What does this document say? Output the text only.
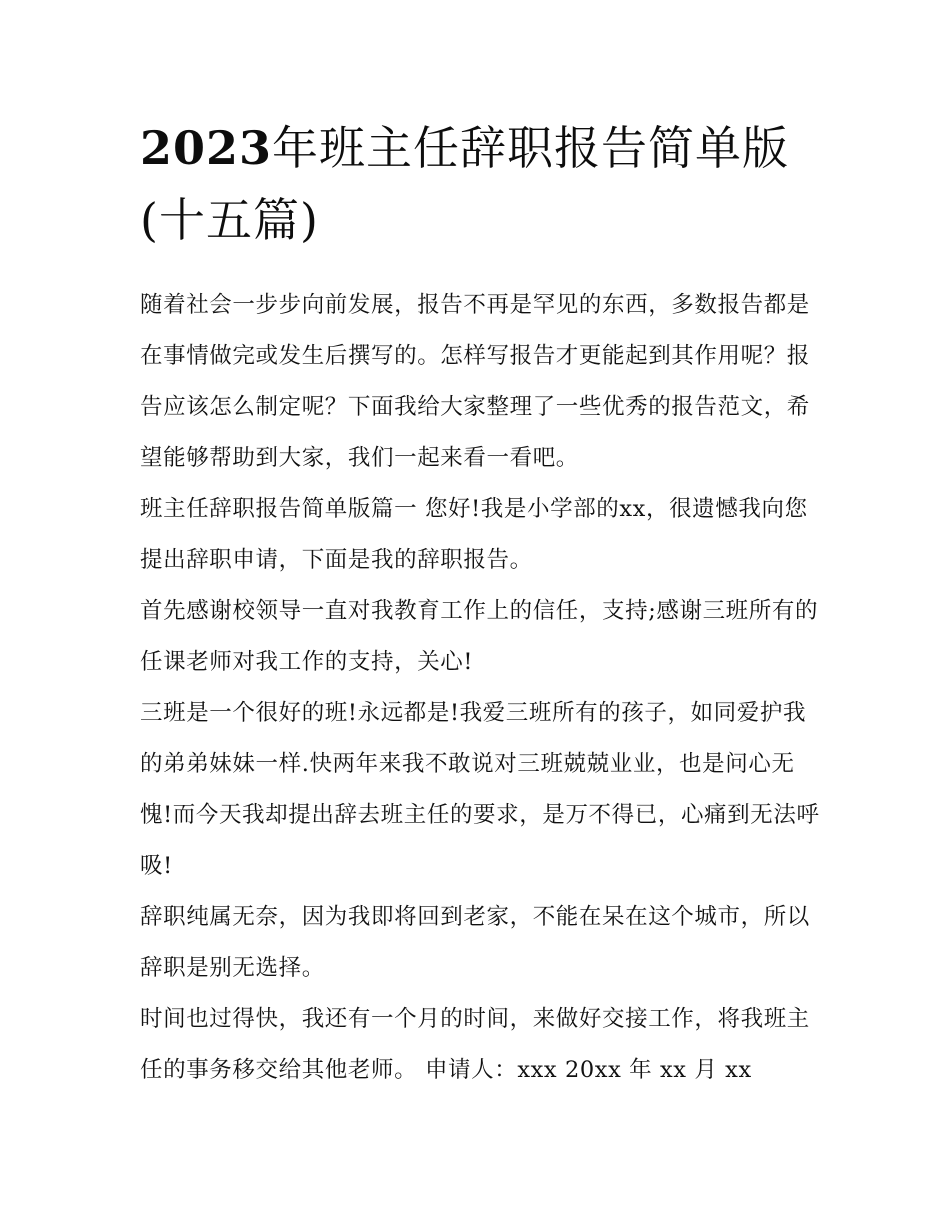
2023年班主任辞职报告简单版(十五篇)

随着社会一步步向前发展，报告不再是罕见的东西，多数报告都是在事情做完或发生后撰写的。怎样写报告才更能起到其作用呢？报告应该怎么制定呢？下面我给大家整理了一些优秀的报告范文，希望能够帮助到大家，我们一起来看一看吧。

班主任辞职报告简单版篇一 您好!我是小学部的xx，很遗憾我向您提出辞职申请，下面是我的辞职报告。

首先感谢校领导一直对我教育工作上的信任，支持;感谢三班所有的任课老师对我工作的支持，关心!

三班是一个很好的班!永远都是!我爱三班所有的孩子，如同爱护我的弟弟妹妹一样.快两年来我不敢说对三班兢兢业业，也是问心无愧!而今天我却提出辞去班主任的要求，是万不得已，心痛到无法呼吸!

辞职纯属无奈，因为我即将回到老家，不能在呆在这个城市，所以辞职是别无选择。

时间也过得快，我还有一个月的时间，来做好交接工作，将我班主任的事务移交给其他老师。 申请人：xxx 20xx 年 xx 月 xx
